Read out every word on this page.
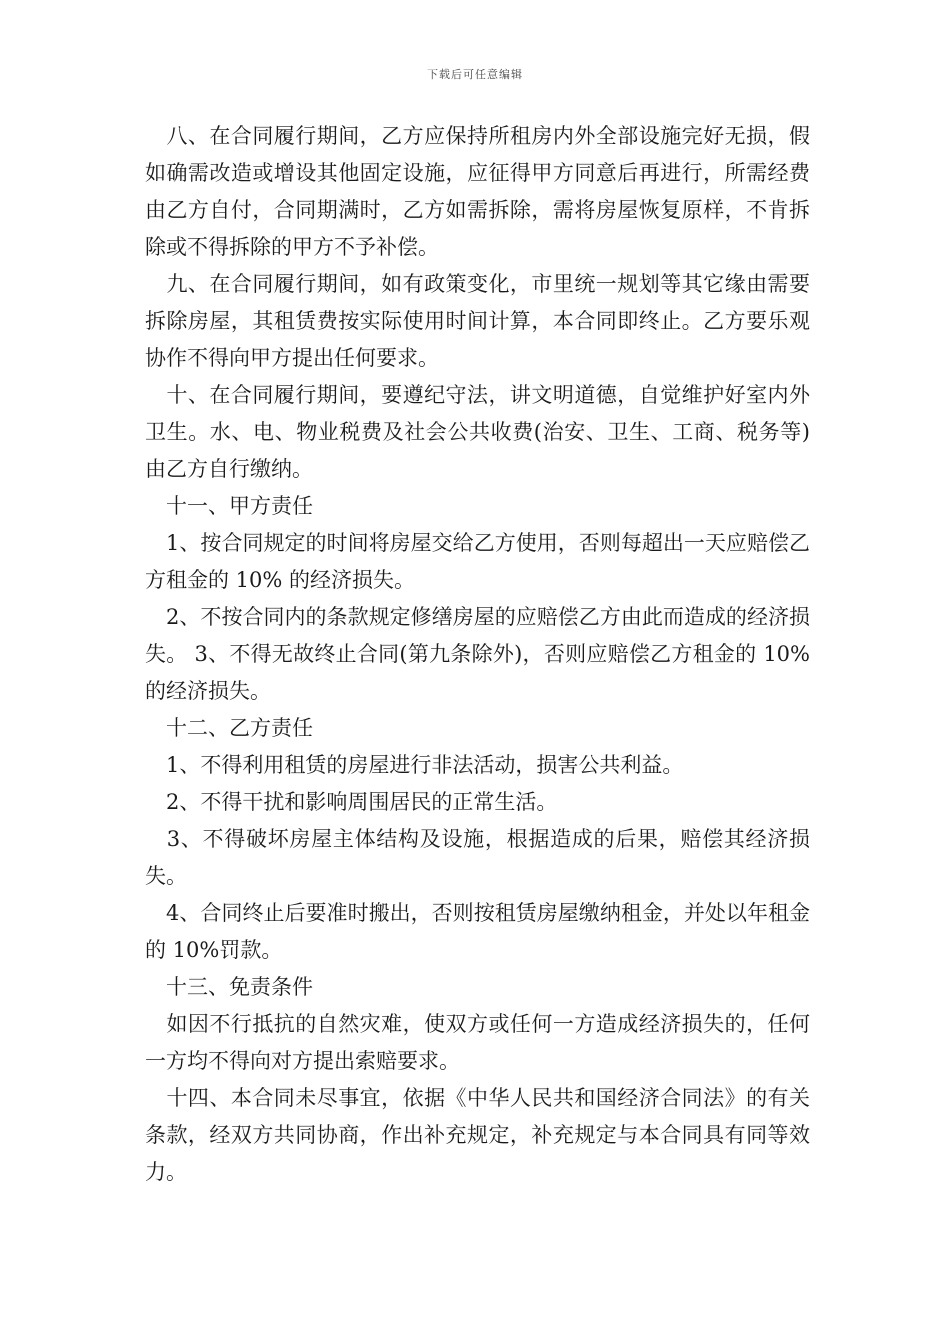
下载后可任意编辑

　八、在合同履行期间，乙方应保持所租房内外全部设施完好无损，假如确需改造或增设其他固定设施，应征得甲方同意后再进行，所需经费由乙方自付，合同期满时，乙方如需拆除，需将房屋恢复原样，不肯拆除或不得拆除的甲方不予补偿。

　九、在合同履行期间，如有政策变化，市里统一规划等其它缘由需要拆除房屋，其租赁费按实际使用时间计算，本合同即终止。乙方要乐观协作不得向甲方提出任何要求。

　十、在合同履行期间，要遵纪守法，讲文明道德，自觉维护好室内外卫生。水、电、物业税费及社会公共收费(治安、卫生、工商、税务等)由乙方自行缴纳。

　十一、甲方责任

　1、按合同规定的时间将房屋交给乙方使用，否则每超出一天应赔偿乙方租金的 10% 的经济损失。

　2、不按合同内的条款规定修缮房屋的应赔偿乙方由此而造成的经济损失。 3、不得无故终止合同(第九条除外)，否则应赔偿乙方租金的 10%的经济损失。

　十二、乙方责任

　1、不得利用租赁的房屋进行非法活动，损害公共利益。

　2、不得干扰和影响周围居民的正常生活。

　3、不得破坏房屋主体结构及设施，根据造成的后果，赔偿其经济损失。

　4、合同终止后要准时搬出，否则按租赁房屋缴纳租金，并处以年租金的 10%罚款。

　十三、免责条件

　如因不行抵抗的自然灾难，使双方或任何一方造成经济损失的，任何一方均不得向对方提出索赔要求。

　十四、本合同未尽事宜，依据《中华人民共和国经济合同法》的有关条款，经双方共同协商，作出补充规定，补充规定与本合同具有同等效力。
